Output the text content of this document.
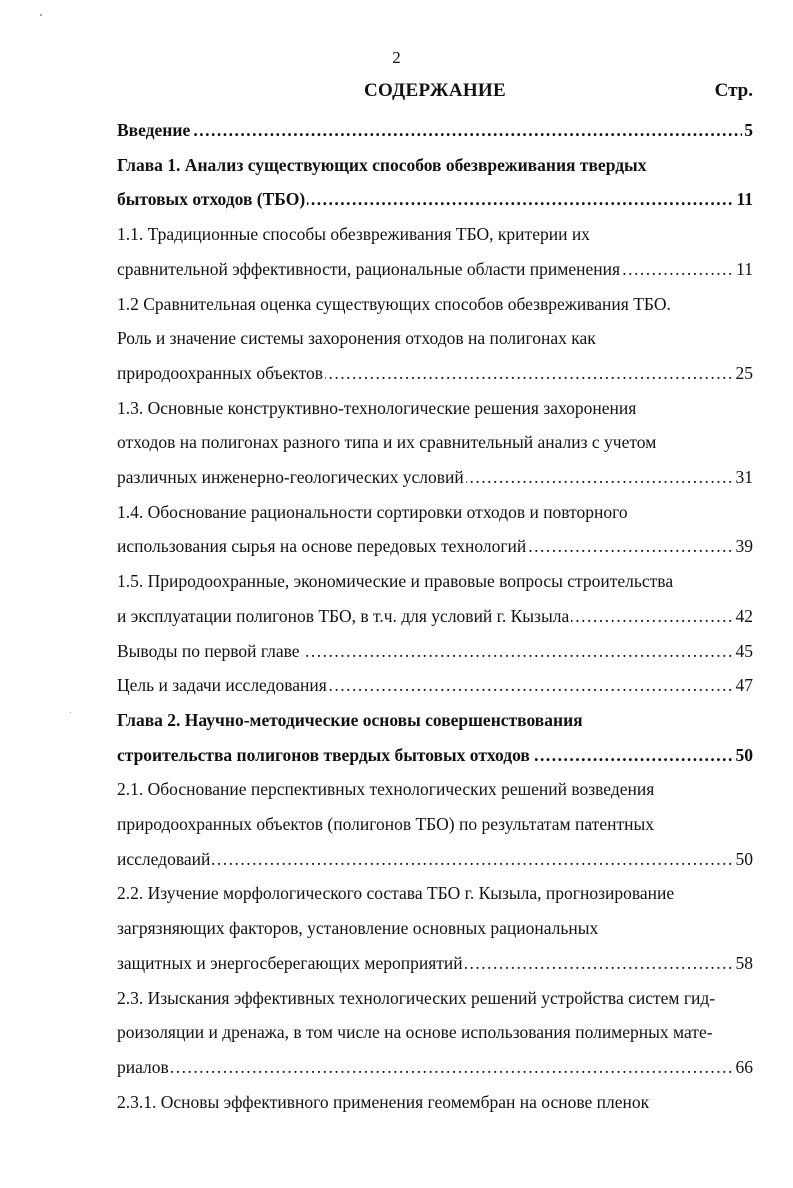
2
СОДЕРЖАНИЕ	Стр.
Введение	5
.....
Глава 1. Анализ существующих способов обезвреживания твердых
бытовых отходов (ТБО)	11
.....
1.1. Традиционные способы обезвреживания ТБО, критерии их
сравнительной эффективности, рациональные области применения	11
.....
1.2 Сравнительная оценка существующих способов обезвреживания ТБО.
Роль и значение системы захоронения отходов на полигонах как
природоохранных объектов	25
.....
1.3. Основные конструктивно-технологические решения захоронения
отходов на полигонах разного типа и их сравнительный анализ с учетом
различных инженерно-геологических условий	31
.....
1.4. Обоснование рациональности сортировки отходов и повторного
использования сырья на основе передовых технологий	39
.....
1.5. Природоохранные, экономические и правовые вопросы строительства
и эксплуатации полигонов ТБО, в т.ч. для условий г. Кызыла	42
.....
Выводы по первой главе	45
.....
Цель и задачи исследования	47
.....
Глава 2. Научно-методические основы совершенствования
строительства полигонов твердых бытовых отходов	50
.....
2.1. Обоснование перспективных технологических решений возведения
природоохранных объектов (полигонов ТБО) по результатам патентных
исследоваий	50
.....
2.2. Изучение морфологического состава ТБО г. Кызыла, прогнозирование
загрязняющих факторов, установление основных рациональных
защитных и энергосберегающих мероприятий	58
.....
2.3. Изыскания эффективных технологических решений устройства систем гид-
роизоляции и дренажа, в том числе на основе использования полимерных мате-
риалов	66
.....
2.3.1. Основы эффективного применения геомембран на основе пленок
